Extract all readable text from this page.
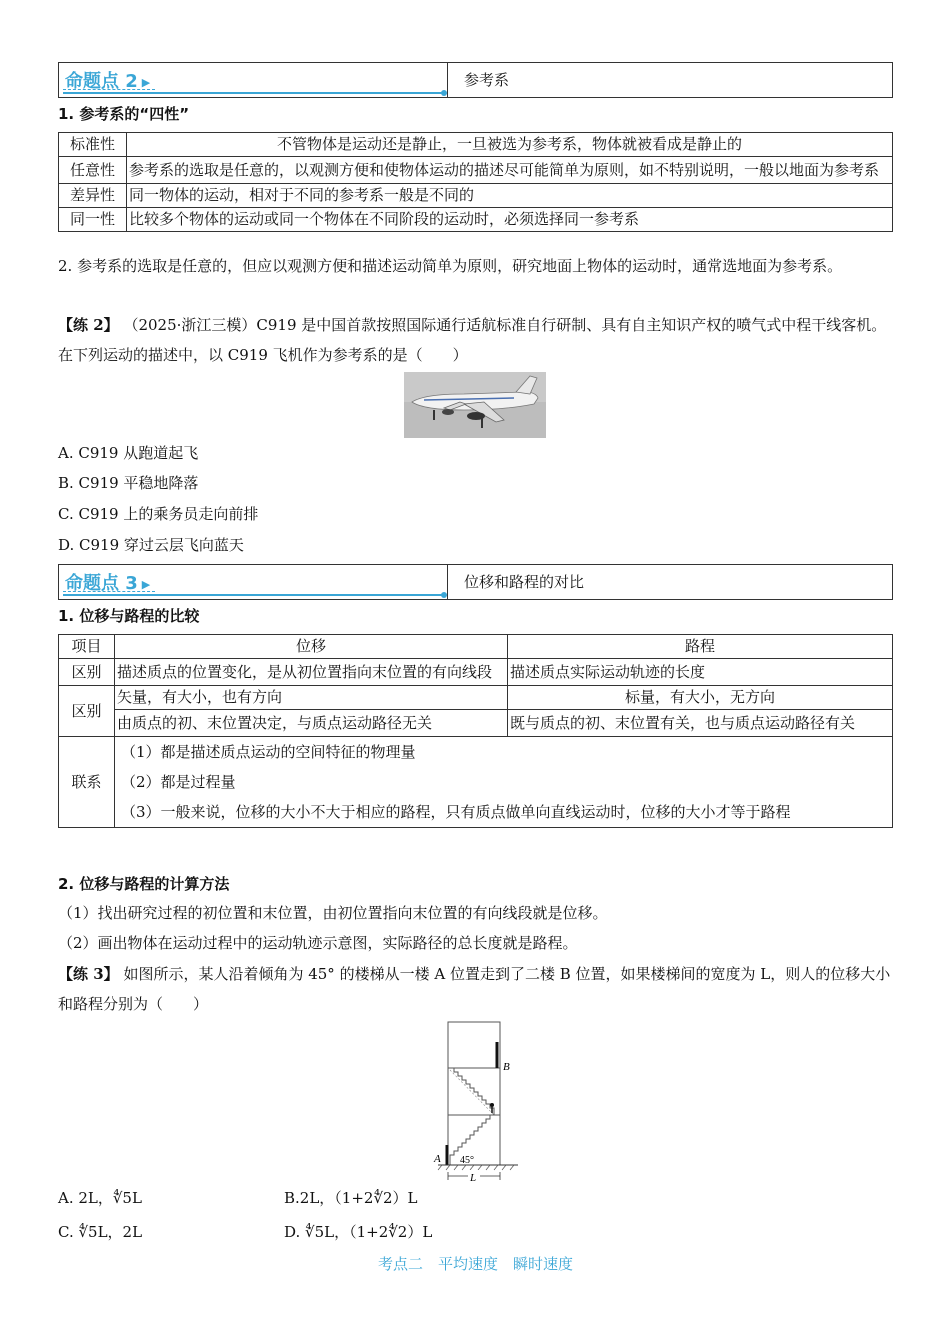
命题点 2 ▶	参考系
1. 参考系的“四性”
标准性	不管物体是运动还是静止，一旦被选为参考系，物体就被看成是静止的
任意性	参考系的选取是任意的，以观测方便和使物体运动的描述尽可能简单为原则，如不特别说明，一般以地面为参考系
差异性	同一物体的运动，相对于不同的参考系一般是不同的
同一性	比较多个物体的运动或同一个物体在不同阶段的运动时，必须选择同一参考系
2. 参考系的选取是任意的，但应以观测方便和描述运动简单为原则，研究地面上物体的运动时，通常选地面为参考系。
【练 2】 （2025·浙江三模）C919 是中国首款按照国际通行适航标准自行研制、具有自主知识产权的喷气式中程干线客机。在下列运动的描述中，以 C919 飞机作为参考系的是（　　）
A. C919 从跑道起飞
B. C919 平稳地降落
C. C919 上的乘务员走向前排
D. C919 穿过云层飞向蓝天
命题点 3 ▶	位移和路程的对比
1. 位移与路程的比较
项目	位移	路程
区别	描述质点的位置变化，是从初位置指向末位置的有向线段	描述质点实际运动轨迹的长度
区别	矢量，有大小，也有方向	标量，有大小，无方向
	由质点的初、末位置决定，与质点运动路径无关	既与质点的初、末位置有关，也与质点运动路径有关
联系	（1）都是描述质点运动的空间特征的物理量
（2）都是过程量
（3）一般来说，位移的大小不大于相应的路程，只有质点做单向直线运动时，位移的大小才等于路程	
2. 位移与路程的计算方法
（1）找出研究过程的初位置和末位置，由初位置指向末位置的有向线段就是位移。
（2）画出物体在运动过程中的运动轨迹示意图，实际路径的总长度就是路程。
【练 3】 如图所示，某人沿着倾角为 45° 的楼梯从一楼 A 位置走到了二楼 B 位置，如果楼梯间的宽度为 L，则人的位移大小和路程分别为（　　）
B
A 45°
L
A. 2L，∜5L	B.2L，（1+2∜2）L
C. ∜5L，2L	D. ∜5L，（1+2∜2）L
考点二　平均速度　瞬时速度
